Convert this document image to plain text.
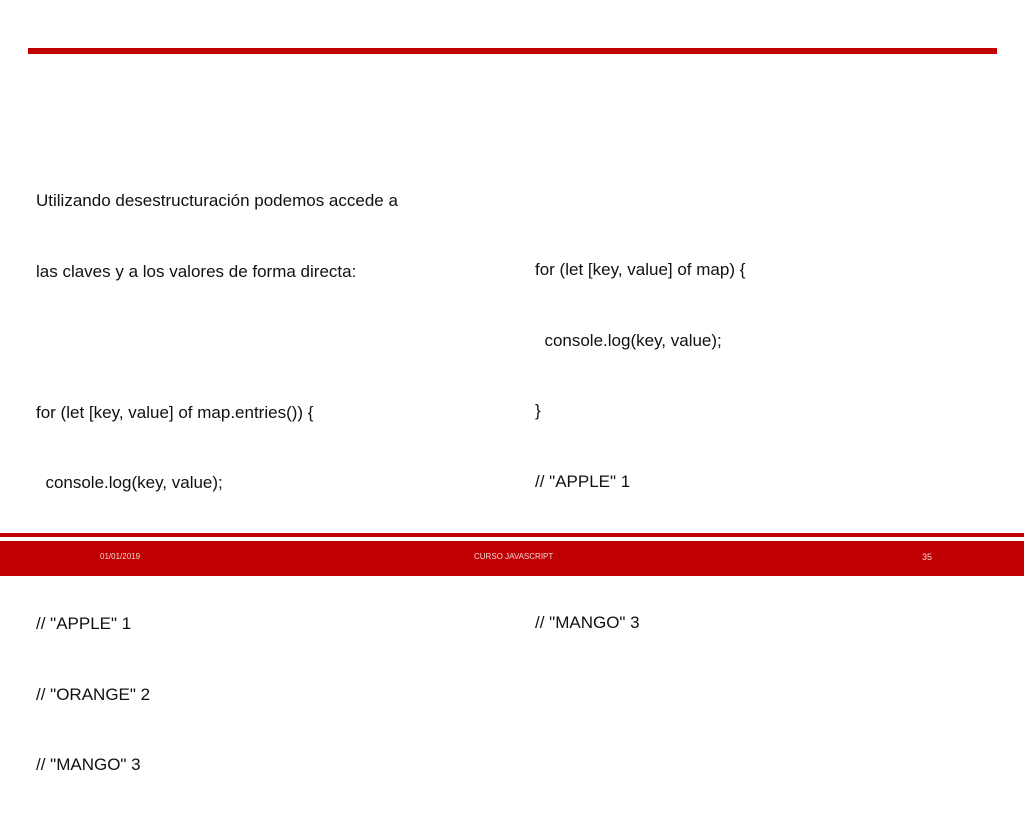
Utilizando desestructuración podemos accede a

las claves y a los valores de forma directa:

for (let [key, value] of map.entries()) {

console.log(key, value);

// "APPLE" 1

// "ORANGE" 2

// "MANGO" 3

for (let [key, value] of map) {

console.log(key, value);

}

// "APPLE" 1

// "MANGO" 3

01/01/2019	CURSO JAVASCRIPT	35
